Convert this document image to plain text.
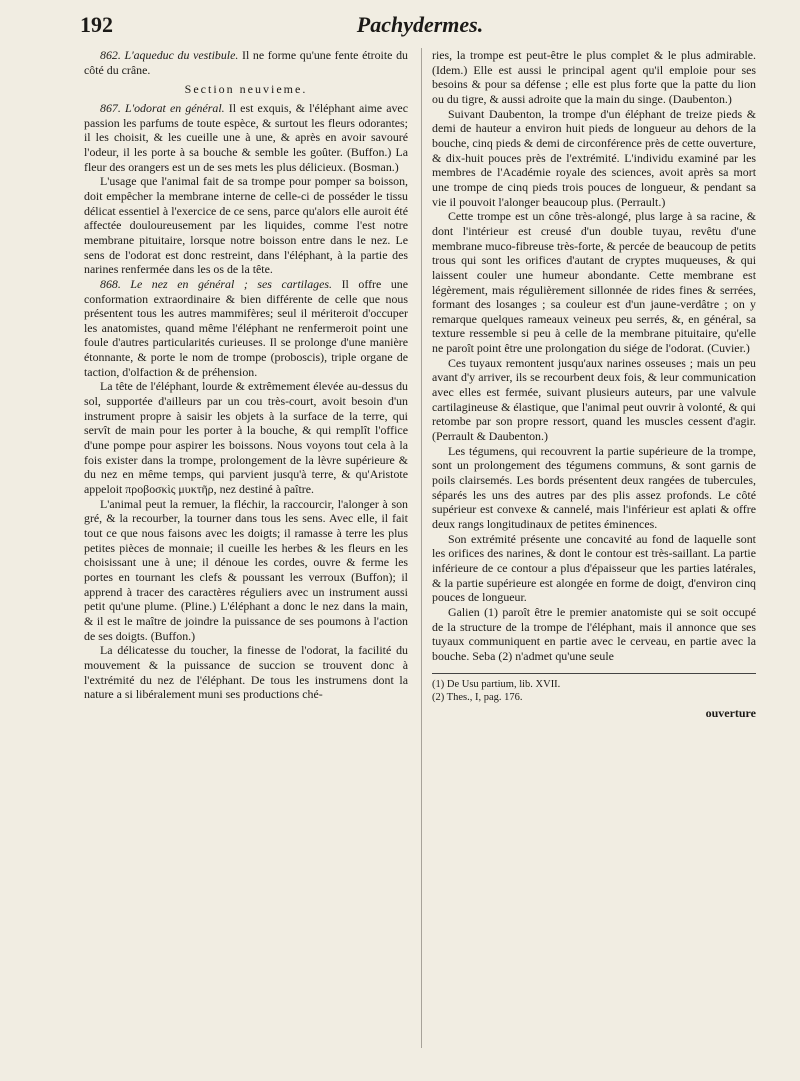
192	Pachydermes.

862. L'aqueduc du vestibule. Il ne forme qu'une fente étroite du côté du crâne.

Section neuvieme.

867. L'odorat en général. Il est exquis, & l'éléphant aime avec passion les parfums de toute espèce, & surtout les fleurs odorantes; il les choisit, & les cueille une à une, & après en avoir savouré l'odeur, il les porte à sa bouche & semble les goûter. (Buffon.) La fleur des orangers est un de ses mets les plus délicieux. (Bosman.)

L'usage que l'animal fait de sa trompe pour pomper sa boisson, doit empêcher la membrane interne de celle-ci de posséder le tissu délicat essentiel à l'exercice de ce sens, parce qu'alors elle auroit été affectée douloureusement par les liquides, comme l'est notre membrane pituitaire, lorsque notre boisson entre dans le nez. Le sens de l'odorat est donc restreint, dans l'éléphant, à la partie des narines renfermée dans les os de la tête.

868. Le nez en général ; ses cartilages. Il offre une conformation extraordinaire & bien différente de celle que nous présentent tous les autres mammifères; seul il mériteroit d'occuper les anatomistes, quand même l'éléphant ne renfermeroit point une foule d'autres particularités curieuses. Il se prolonge d'une manière étonnante, & porte le nom de trompe (proboscis), triple organe de taction, d'olfaction & de préhension.

La tête de l'éléphant, lourde & extrêmement élevée au-dessus du sol, supportée d'ailleurs par un cou très-court, avoit besoin d'un instrument propre à saisir les objets à la surface de la terre, qui servît de main pour les porter à la bouche, & qui remplît l'office d'une pompe pour aspirer les boissons. Nous voyons tout cela à la fois exister dans la trompe, prolongement de la lèvre supérieure & du nez en même temps, qui parvient jusqu'à terre, & qu'Aristote appeloit προβοσκὶς μυκτῆρ, nez destiné à paître.

L'animal peut la remuer, la fléchir, la raccourcir, l'alonger à son gré, & la recourber, la tourner dans tous les sens. Avec elle, il fait tout ce que nous faisons avec les doigts; il ramasse à terre les plus petites pièces de monnaie; il cueille les herbes & les fleurs en les choisissant une à une; il dénoue les cordes, ouvre & ferme les portes en tournant les clefs & poussant les verroux (Buffon); il apprend à tracer des caractères réguliers avec un instrument aussi petit qu'une plume. (Pline.) L'éléphant a donc le nez dans la main, & il est le maître de joindre la puissance de ses poumons à l'action de ses doigts. (Buffon.)

La délicatesse du toucher, la finesse de l'odorat, la facilité du mouvement & la puissance de succion se trouvent donc à l'extrémité du nez de l'éléphant. De tous les instrumens dont la nature a si libéralement muni ses productions ché-

ries, la trompe est peut-être le plus complet & le plus admirable. (Idem.) Elle est aussi le principal agent qu'il emploie pour ses besoins & pour sa défense ; elle est plus forte que la patte du lion ou du tigre, & aussi adroite que la main du singe. (Daubenton.)

Suivant Daubenton, la trompe d'un éléphant de treize pieds & demi de hauteur a environ huit pieds de longueur au dehors de la bouche, cinq pieds & demi de circonférence près de cette ouverture, & dix-huit pouces près de l'extrémité. L'individu examiné par les membres de l'Académie royale des sciences, avoit après sa mort une trompe de cinq pieds trois pouces de longueur, & pendant sa vie il pouvoit l'alonger beaucoup plus. (Perrault.)

Cette trompe est un cône très-alongé, plus large à sa racine, & dont l'intérieur est creusé d'un double tuyau, revêtu d'une membrane muco-fibreuse très-forte, & percée de beaucoup de petits trous qui sont les orifices d'autant de cryptes muqueuses, & qui laissent couler une humeur abondante. Cette membrane est légèrement, mais régulièrement sillonnée de rides fines & serrées, formant des losanges ; sa couleur est d'un jaune-verdâtre ; on y remarque quelques rameaux veineux peu serrés, &, en général, sa texture ressemble si peu à celle de la membrane pituitaire, qu'elle ne paroît point être une prolongation du siége de l'odorat. (Cuvier.)

Ces tuyaux remontent jusqu'aux narines osseuses ; mais un peu avant d'y arriver, ils se recourbent deux fois, & leur communication avec elles est fermée, suivant plusieurs auteurs, par une valvule cartilagineuse & élastique, que l'animal peut ouvrir à volonté, & qui retombe par son propre ressort, quand les muscles cessent d'agir. (Perrault & Daubenton.)

Les tégumens, qui recouvrent la partie supérieure de la trompe, sont un prolongement des tégumens communs, & sont garnis de poils clairsemés. Les bords présentent deux rangées de tubercules, séparés les uns des autres par des plis assez profonds. Le côté supérieur est convexe & cannelé, mais l'inférieur est aplati & offre deux rangs longitudinaux de petites éminences.

Son extrémité présente une concavité au fond de laquelle sont les orifices des narines, & dont le contour est très-saillant. La partie inférieure de ce contour a plus d'épaisseur que les parties latérales, & la partie supérieure est alongée en forme de doigt, d'environ cinq pouces de longueur.

Galien (1) paroît être le premier anatomiste qui se soit occupé de la structure de la trompe de l'éléphant, mais il annonce que ses tuyaux communiquent en partie avec le cerveau, en partie avec la bouche. Seba (2) n'admet qu'une seule

(1) De Usu partium, lib. XVII.

(2) Thes., I, pag. 176.

ouverture
